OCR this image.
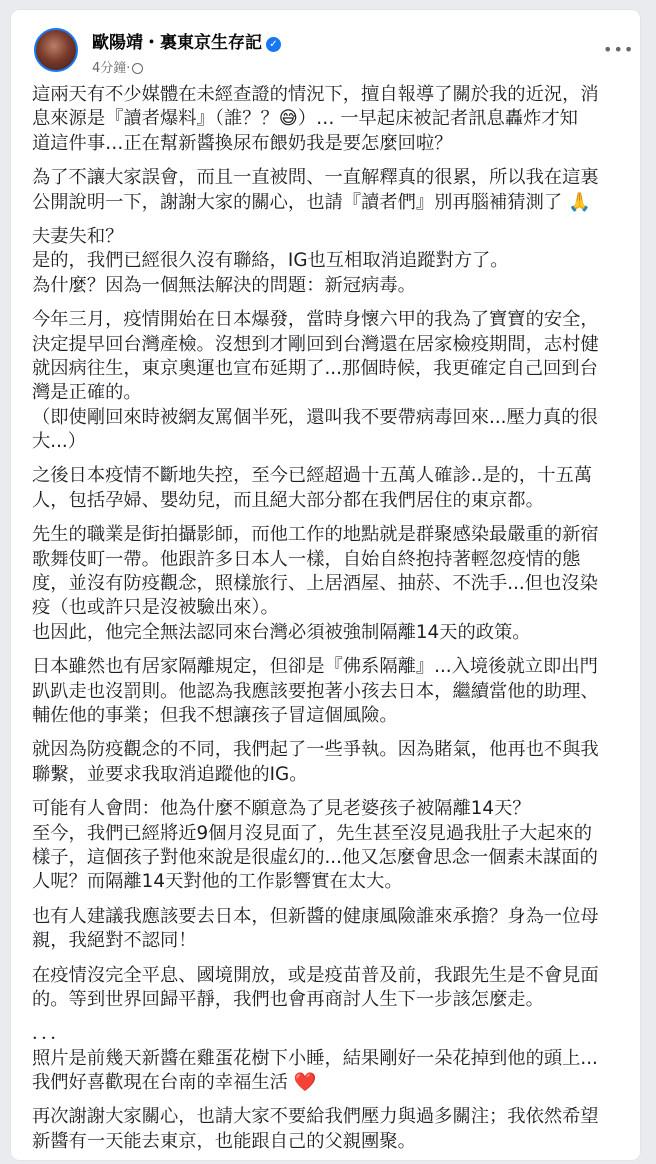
歐陽靖・裏東京生存記 ✓
4分鐘·
•••
這兩天有不少媒體在未經查證的情況下，擅自報導了關於我的近況，消
息來源是『讀者爆料』（誰？？😅）… 一早起床被記者訊息轟炸才知
道這件事…正在幫新醬換尿布餵奶我是要怎麼回啦？
為了不讓大家誤會，而且一直被問、一直解釋真的很累，所以我在這裏
公開說明一下，謝謝大家的關心，也請『讀者們』別再腦補猜測了 🙏
夫妻失和？
是的，我們已經很久沒有聯絡，IG也互相取消追蹤對方了。
為什麼？因為一個無法解決的問題：新冠病毒。
今年三月，疫情開始在日本爆發，當時身懷六甲的我為了寶寶的安全，
決定提早回台灣產檢。沒想到才剛回到台灣還在居家檢疫期間，志村健
就因病往生，東京奧運也宣布延期了...那個時候，我更確定自己回到台
灣是正確的。
（即使剛回來時被網友罵個半死，還叫我不要帶病毒回來...壓力真的很
大...）
之後日本疫情不斷地失控，至今已經超過十五萬人確診..是的，十五萬
人，包括孕婦、嬰幼兒，而且絕大部分都在我們居住的東京都。
先生的職業是街拍攝影師，而他工作的地點就是群聚感染最嚴重的新宿
歌舞伎町一帶。他跟許多日本人一樣，自始自終抱持著輕忽疫情的態
度，並沒有防疫觀念，照樣旅行、上居酒屋、抽菸、不洗手...但也沒染
疫（也或許只是沒被驗出來）。
也因此，他完全無法認同來台灣必須被強制隔離14天的政策。
日本雖然也有居家隔離規定，但卻是『佛系隔離』...入境後就立即出門
趴趴走也沒罰則。他認為我應該要抱著小孩去日本，繼續當他的助理、
輔佐他的事業；但我不想讓孩子冒這個風險。
就因為防疫觀念的不同，我們起了一些爭執。因為賭氣，他再也不與我
聯繫，並要求我取消追蹤他的IG。
可能有人會問：他為什麼不願意為了見老婆孩子被隔離14天？
至今，我們已經將近9個月沒見面了，先生甚至沒見過我肚子大起來的
樣子，這個孩子對他來說是很虛幻的...他又怎麼會思念一個素未謀面的
人呢？而隔離14天對他的工作影響實在太大。
也有人建議我應該要去日本，但新醬的健康風險誰來承擔？身為一位母
親，我絕對不認同！
在疫情沒完全平息、國境開放，或是疫苗普及前，我跟先生是不會見面
的。等到世界回歸平靜，我們也會再商討人生下一步該怎麼走。
．．．
照片是前幾天新醬在雞蛋花樹下小睡，結果剛好一朵花掉到他的頭上...
我們好喜歡現在台南的幸福生活 ❤️
再次謝謝大家關心，也請大家不要給我們壓力與過多關注；我依然希望
新醬有一天能去東京，也能跟自己的父親團聚。
